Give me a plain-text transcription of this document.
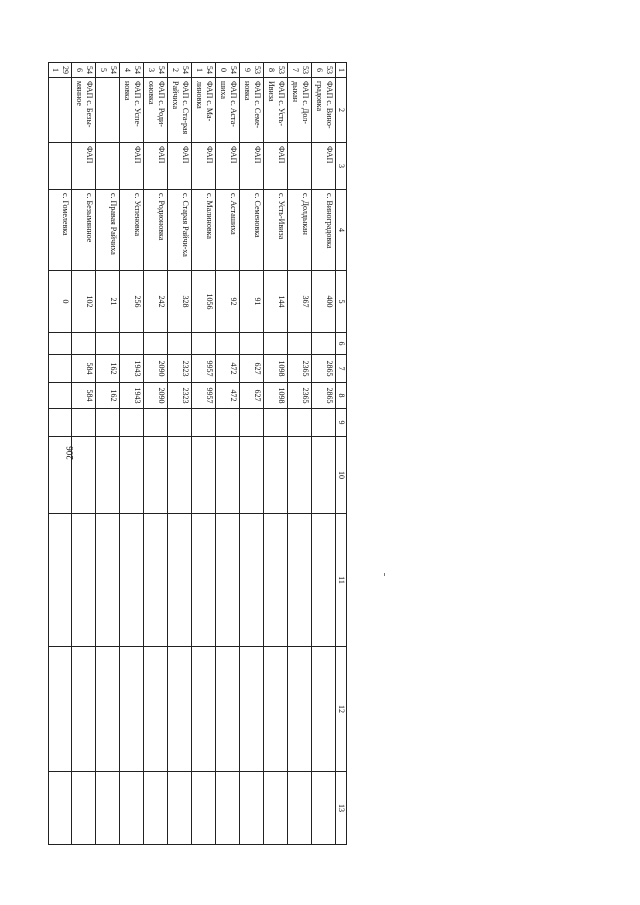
206
1	2	3	4	5	6	7	8	9	10	11	12	13
536	ФАП с. Вино-градовка	ФАП	с. Виноградовка	400		2865	2865					
537	ФАП с. Дол-дыкан		с. Долдыкан	367		2365	2365					
538	ФАП с. Усть-Ивиза	ФАП	с. Усть-Ивиза	144		1098	1098					
539	ФАП с. Семе-новка	ФАП	с. Семеновка	91		627	627					
540	ФАП с. Аста-шиха	ФАП	с. Асташиха	92		472	472					
541	ФАП с. Ма-линовка	ФАП	с. Малиновка	1056		9957	9957					
542	ФАП с. Ста-рая Райчиха	ФАП	с. Старая Райчи-ха	328		2323	2323					
543	ФАП с. Роди-оновка	ФАП	с. Родионовка	242		2090	2090					
544	ФАП с. Успе-новка	ФАП	с. Успеновка	256		1943	1943					
545			с. Правая Райчиха	21		162	162					
546	ФАП с. Безы-мянное	ФАП	с. Безымянное	102		584	584					
291			с. Гомелевка	0								
